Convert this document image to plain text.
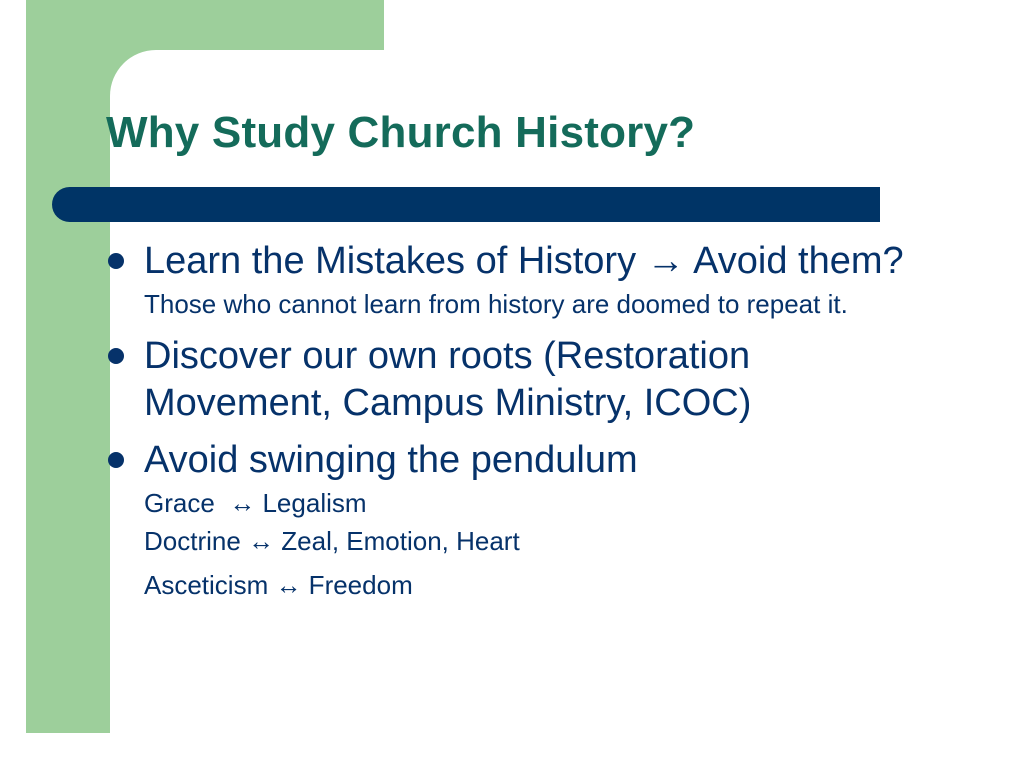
Why Study Church History?
Learn the Mistakes of History → Avoid them?  Those who cannot learn from history are doomed to repeat it.
Discover our own roots (Restoration Movement, Campus Ministry, ICOC)
Avoid swinging the pendulum
Grace  ↔ Legalism
Doctrine ↔ Zeal, Emotion, Heart
Asceticism ↔ Freedom
